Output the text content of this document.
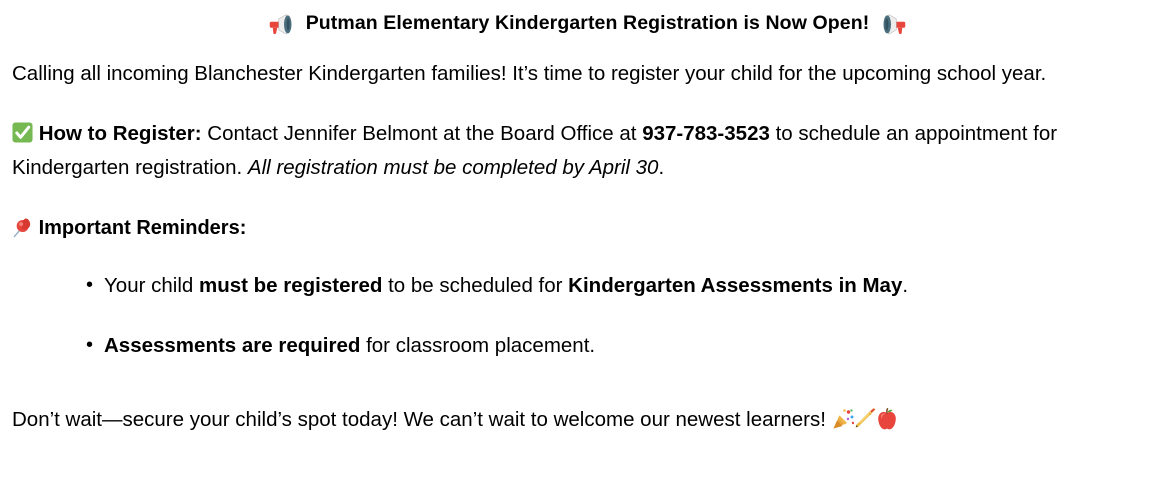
Putman Elementary Kindergarten Registration is Now Open!

Calling all incoming Blanchester Kindergarten families! It’s time to register your child for the upcoming school year.

How to Register: Contact Jennifer Belmont at the Board Office at 937-783-3523 to schedule an appointment for Kindergarten registration. All registration must be completed by April 30.

Important Reminders:

• Your child must be registered to be scheduled for Kindergarten Assessments in May.
• Assessments are required for classroom placement.

Don’t wait—secure your child’s spot today! We can’t wait to welcome our newest learners!
